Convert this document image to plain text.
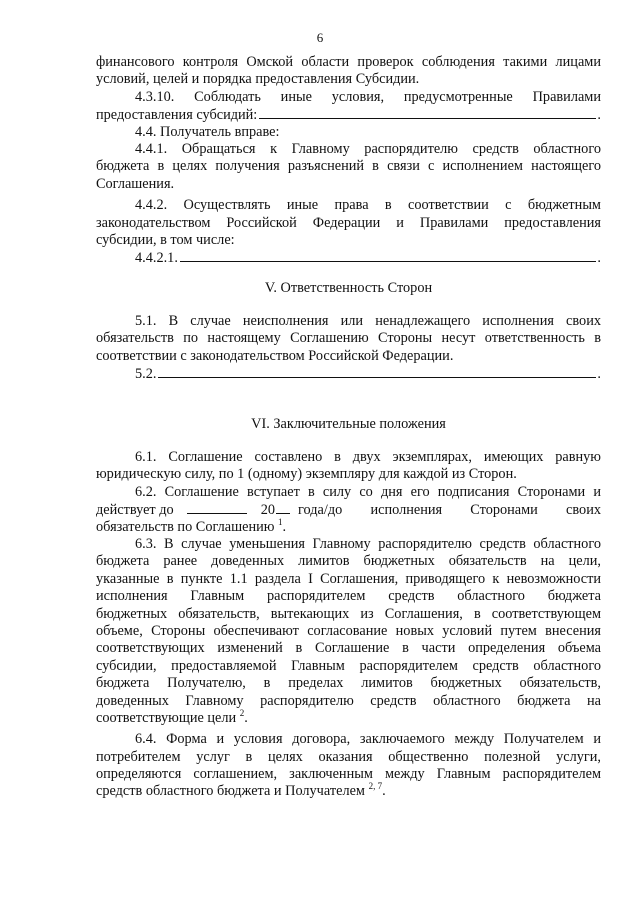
6
финансового контроля Омской области проверок соблюдения такими лицами
условий, целей и порядка предоставления Субсидии.
4.3.10. Соблюдать иные условия, предусмотренные Правилами
предоставления субсидий:	.
4.4. Получатель вправе:
4.4.1. Обращаться к Главному распорядителю средств областного
бюджета в целях получения разъяснений в связи с исполнением настоящего
Соглашения.
4.4.2. Осуществлять иные права в соответствии с бюджетным
законодательством Российской Федерации и Правилами предоставления
субсидии, в том числе:
4.4.2.1.	.
V. Ответственность Сторон
5.1. В случае неисполнения или ненадлежащего исполнения своих
обязательств по настоящему Соглашению Стороны несут ответственность в
соответствии с законодательством Российской Федерации.
5.2.	.
VI. Заключительные положения
6.1. Соглашение составлено в двух экземплярах, имеющих равную
юридическую силу, по 1 (одному) экземпляру для каждой из Сторон.
6.2. Соглашение вступает в силу со дня его подписания Сторонами и
действует до	20 года/до исполнения Сторонами своих
обязательств по Соглашению $^1$.
6.3. В случае уменьшения Главному распорядителю средств областного
бюджета ранее доведенных лимитов бюджетных обязательств на цели,
указанные в пункте 1.1 раздела I Соглашения, приводящего к невозможности
исполнения Главным распорядителем средств областного бюджета
бюджетных обязательств, вытекающих из Соглашения, в соответствующем
объеме, Стороны обеспечивают согласование новых условий путем внесения
соответствующих изменений в Соглашение в части определения объема
субсидии, предоставляемой Главным распорядителем средств областного
бюджета Получателю, в пределах лимитов бюджетных обязательств,
доведенных Главному распорядителю средств областного бюджета на
соответствующие цели $^2$.
6.4. Форма и условия договора, заключаемого между Получателем и
потребителем услуг в целях оказания общественно полезной услуги,
определяются соглашением, заключенным между Главным распорядителем
средств областного бюджета и Получателем $^{2, 7}$.
